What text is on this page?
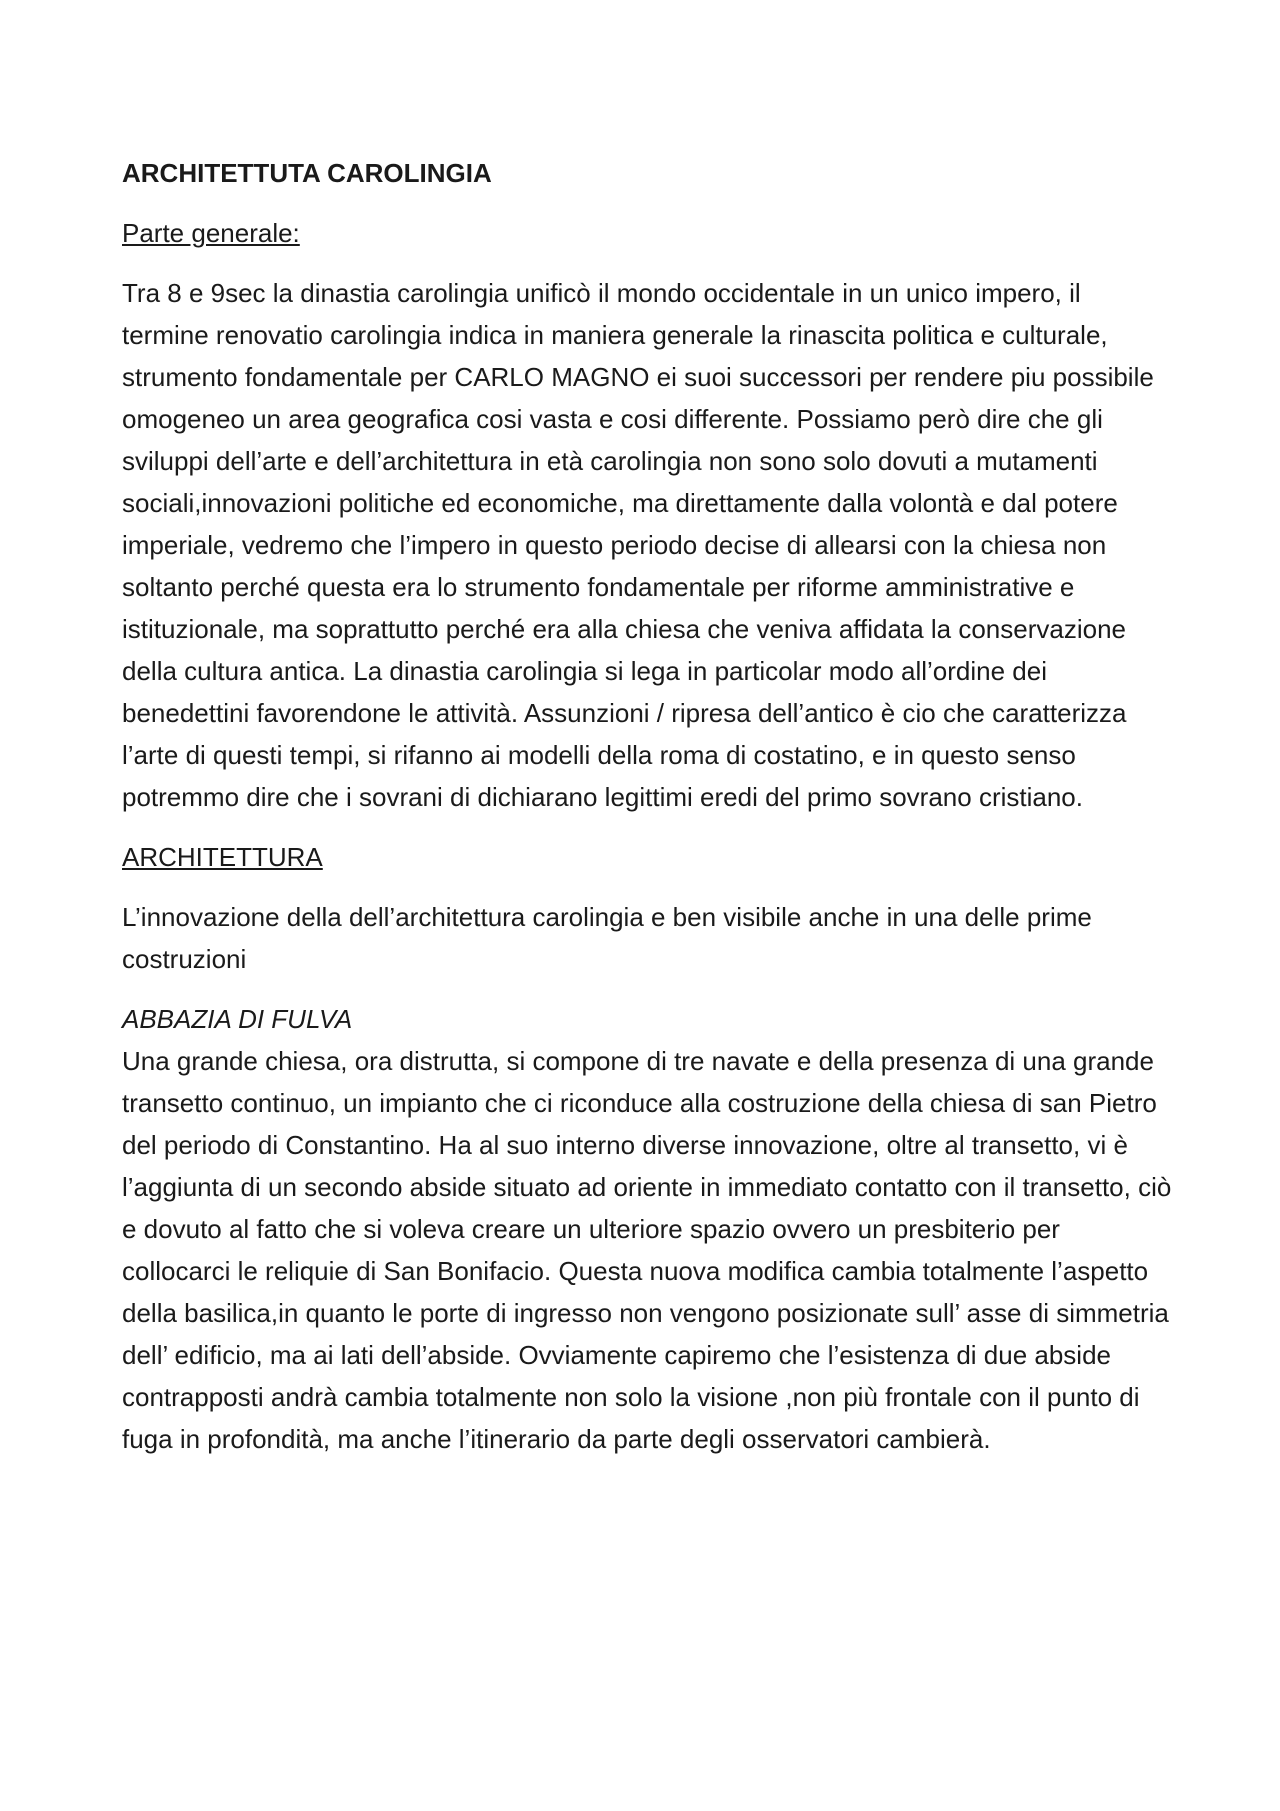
ARCHITETTUTA CAROLINGIA
Parte generale:
Tra 8 e 9sec la dinastia carolingia unificò il mondo occidentale in un unico impero, il termine renovatio carolingia indica in maniera generale la rinascita politica e culturale, strumento fondamentale per CARLO MAGNO ei suoi successori per rendere piu possibile omogeneo un area geografica cosi vasta e cosi differente. Possiamo però dire che gli sviluppi dell’arte e dell’architettura in età carolingia non sono solo dovuti a mutamenti sociali,innovazioni politiche ed economiche, ma direttamente dalla volontà e dal potere imperiale, vedremo che l’impero in questo periodo decise di allearsi con la chiesa non soltanto perché questa era lo strumento fondamentale per riforme amministrative e istituzionale, ma soprattutto perché era alla chiesa che veniva affidata la conservazione della cultura antica. La dinastia carolingia si lega in particolar modo all’ordine dei benedettini favorendone le attività. Assunzioni / ripresa dell’antico è cio che caratterizza l’arte di questi tempi, si rifanno ai modelli della roma di costatino, e in questo senso potremmo dire che i sovrani di dichiarano legittimi eredi del primo sovrano cristiano.
ARCHITETTURA
L’innovazione della dell’architettura carolingia e ben visibile anche in una delle prime costruzioni
ABBAZIA DI FULVA
Una grande chiesa, ora distrutta, si compone di tre navate e della presenza di una grande transetto continuo, un impianto che ci riconduce alla costruzione della chiesa di san Pietro del periodo di Constantino. Ha al suo interno diverse innovazione, oltre al transetto, vi è l’aggiunta di un secondo abside situato ad oriente in immediato contatto con il transetto, ciò e dovuto al fatto che si voleva creare un ulteriore spazio ovvero un presbiterio per collocarci le reliquie di San Bonifacio. Questa nuova modifica cambia totalmente l’aspetto della basilica,in quanto le porte di ingresso non vengono posizionate sull’ asse di simmetria dell’ edificio, ma ai lati dell’abside. Ovviamente capiremo che l’esistenza di due abside contrapposti andrà cambia totalmente non solo la visione ,non più frontale con il punto di fuga in profondità, ma anche l’itinerario da parte degli osservatori cambierà.
